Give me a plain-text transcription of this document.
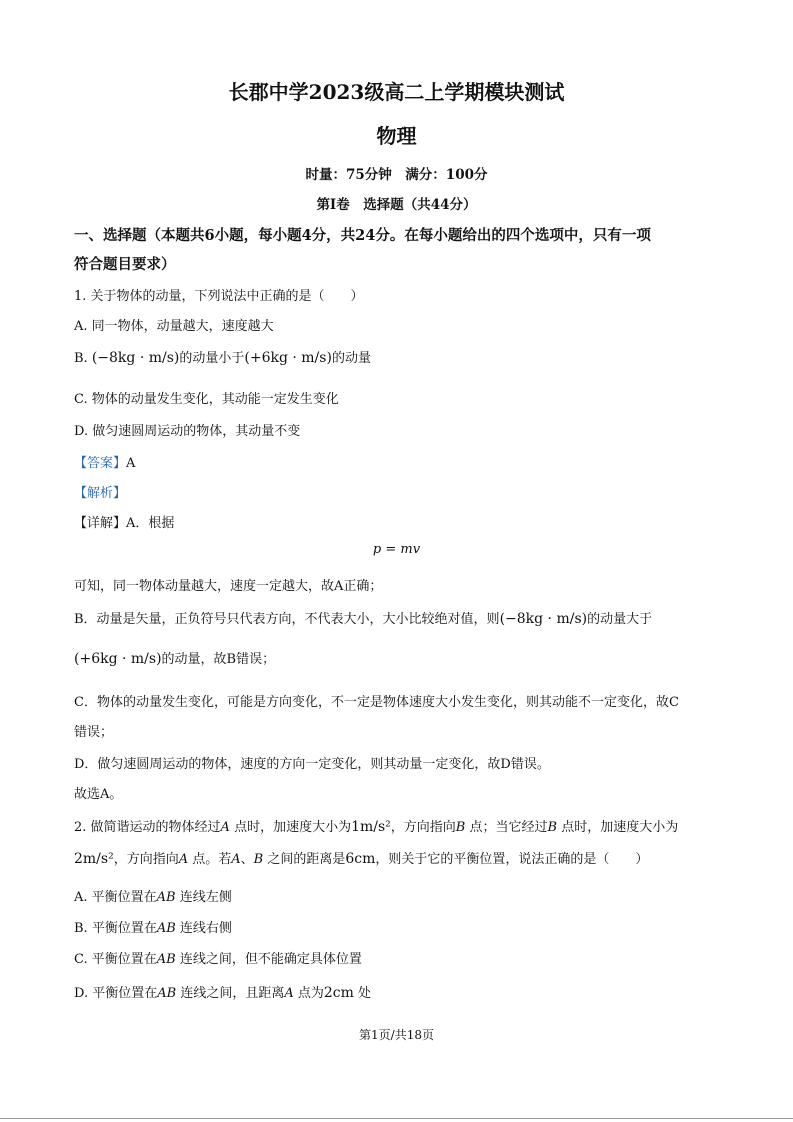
长郡中学2023级高二上学期模块测试
物理
时量：75分钟　满分：100分
第Ⅰ卷　选择题（共44分）
一、选择题（本题共6小题，每小题4分，共24分。在每小题给出的四个选项中，只有一项
符合题目要求）
1. 关于物体的动量，下列说法中正确的是（　　）
A. 同一物体，动量越大，速度越大
B. (−8kg · m/s)的动量小于(+6kg · m/s)的动量
C. 物体的动量发生变化，其动能一定发生变化
D. 做匀速圆周运动的物体，其动量不变
【答案】A
【解析】
【详解】A．根据
p = mv
可知，同一物体动量越大，速度一定越大，故A正确；
B．动量是矢量，正负符号只代表方向，不代表大小，大小比较绝对值，则(−8kg · m/s)的动量大于
(+6kg · m/s)的动量，故B错误；
C．物体的动量发生变化，可能是方向变化，不一定是物体速度大小发生变化，则其动能不一定变化，故C
错误；
D．做匀速圆周运动的物体，速度的方向一定变化，则其动量一定变化，故D错误。
故选A。
2. 做简谐运动的物体经过A 点时，加速度大小为1m/s²，方向指向B 点；当它经过B 点时，加速度大小为
2m/s²，方向指向A 点。若A、B 之间的距离是6cm，则关于它的平衡位置，说法正确的是（　　）
A. 平衡位置在AB 连线左侧
B. 平衡位置在AB 连线右侧
C. 平衡位置在AB 连线之间，但不能确定具体位置
D. 平衡位置在AB 连线之间，且距离A 点为2cm 处
第1页/共18页
